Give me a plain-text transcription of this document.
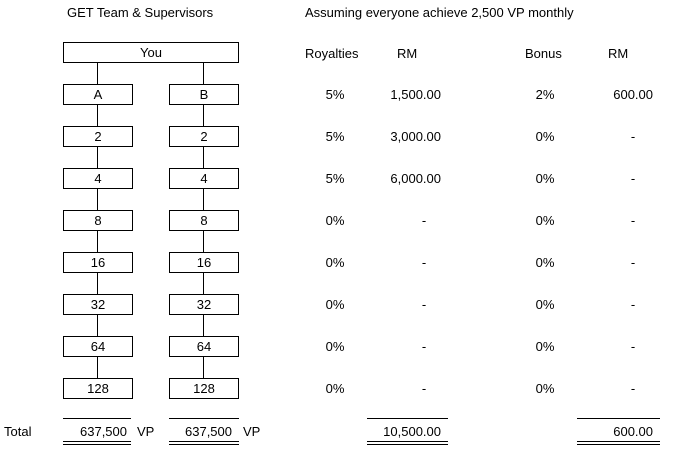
GET Team & Supervisors	Assuming everyone achieve 2,500 VP monthly
You
A
2
4
8
16
32
64
128
B
2
4
8
16
32
64
128
Royalties	RM	Bonus	RM
5%	1,500.00	2%	600.00
5%	3,000.00	0%	-
5%	6,000.00	0%	-
0%	-	0%	-
0%	-	0%	-
0%	-	0%	-
0%	-	0%	-
0%	-	0%	-
Total	637,500 VP	637,500 VP	10,500.00	600.00
